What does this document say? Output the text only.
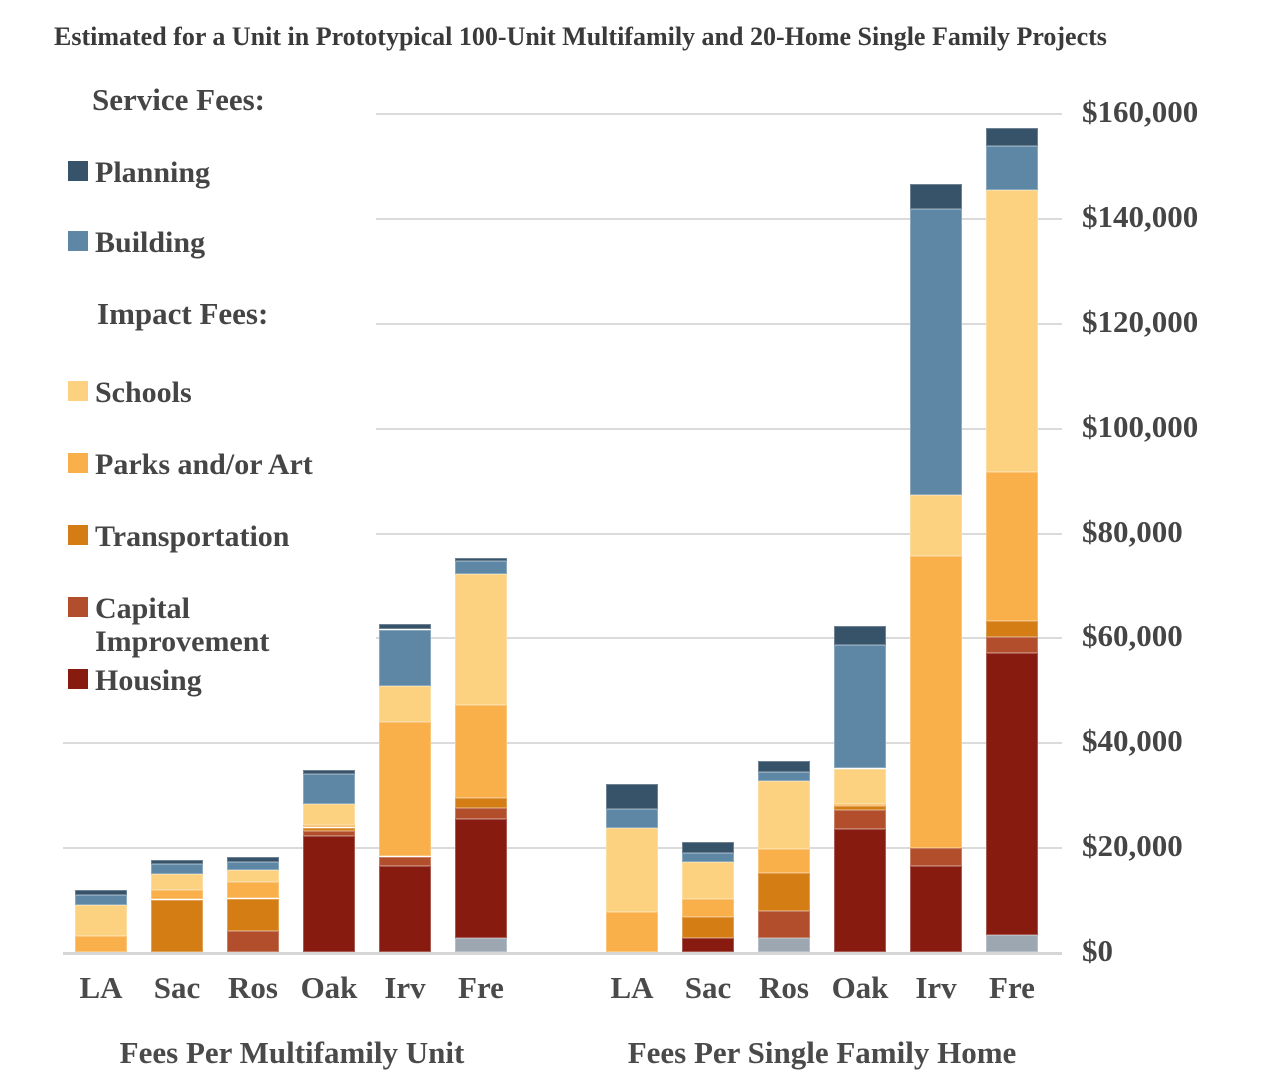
Estimated for a Unit in Prototypical 100-Unit Multifamily and 20-Home Single Family Projects
$0
$20,000
$40,000
$60,000
$80,000
$100,000
$120,000
$140,000
$160,000
LA	Sac Ros Oak Irv	Fre	LA	Sac Ros Oak Irv	Fre
Fees Per Multifamily Unit	Fees Per Single Family Home
Service Fees:
Planning
Building
Impact Fees:
Schools
Parks and/or Art
Transportation
Capital Improvement
Housing
